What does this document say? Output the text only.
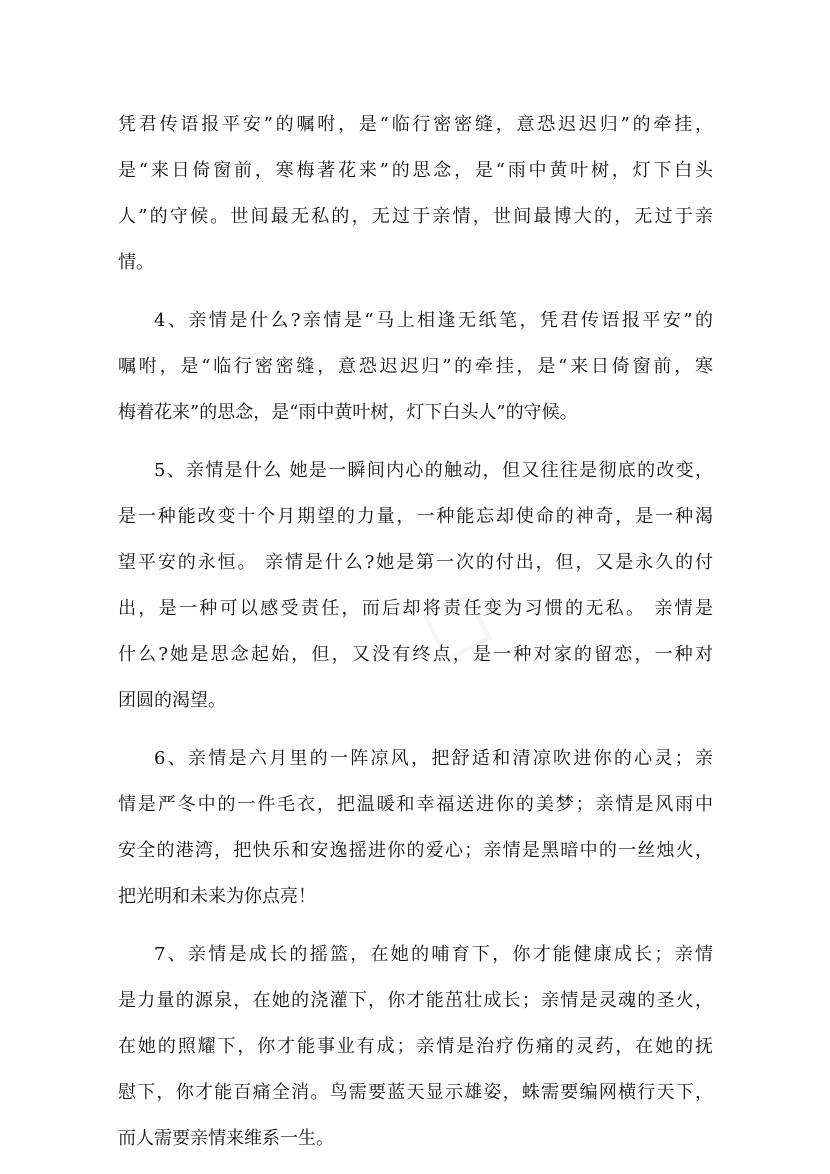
凭君传语报平安”的嘱咐，是“临行密密缝，意恐迟迟归”的牵挂，
是“来日倚窗前，寒梅著花来”的思念，是“雨中黄叶树，灯下白头
人”的守候。世间最无私的，无过于亲情，世间最博大的，无过于亲
情。
4、亲情是什么?亲情是“马上相逢无纸笔，凭君传语报平安”的
嘱咐，是“临行密密缝，意恐迟迟归”的牵挂，是“来日倚窗前，寒
梅着花来”的思念，是“雨中黄叶树，灯下白头人”的守候。
5、亲情是什么 她是一瞬间内心的触动，但又往往是彻底的改变，
是一种能改变十个月期望的力量，一种能忘却使命的神奇，是一种渴
望平安的永恒。 亲情是什么?她是第一次的付出，但，又是永久的付
出，是一种可以感受责任，而后却将责任变为习惯的无私。 亲情是
什么?她是思念起始，但，又没有终点，是一种对家的留恋，一种对
团圆的渴望。
6、亲情是六月里的一阵凉风，把舒适和清凉吹进你的心灵；亲
情是严冬中的一件毛衣，把温暖和幸福送进你的美梦；亲情是风雨中
安全的港湾，把快乐和安逸摇进你的爱心；亲情是黑暗中的一丝烛火，
把光明和未来为你点亮！
7、亲情是成长的摇篮，在她的哺育下，你才能健康成长；亲情
是力量的源泉，在她的浇灌下，你才能茁壮成长；亲情是灵魂的圣火，
在她的照耀下，你才能事业有成；亲情是治疗伤痛的灵药，在她的抚
慰下，你才能百痛全消。鸟需要蓝天显示雄姿，蛛需要编网横行天下，
而人需要亲情来维系一生。
